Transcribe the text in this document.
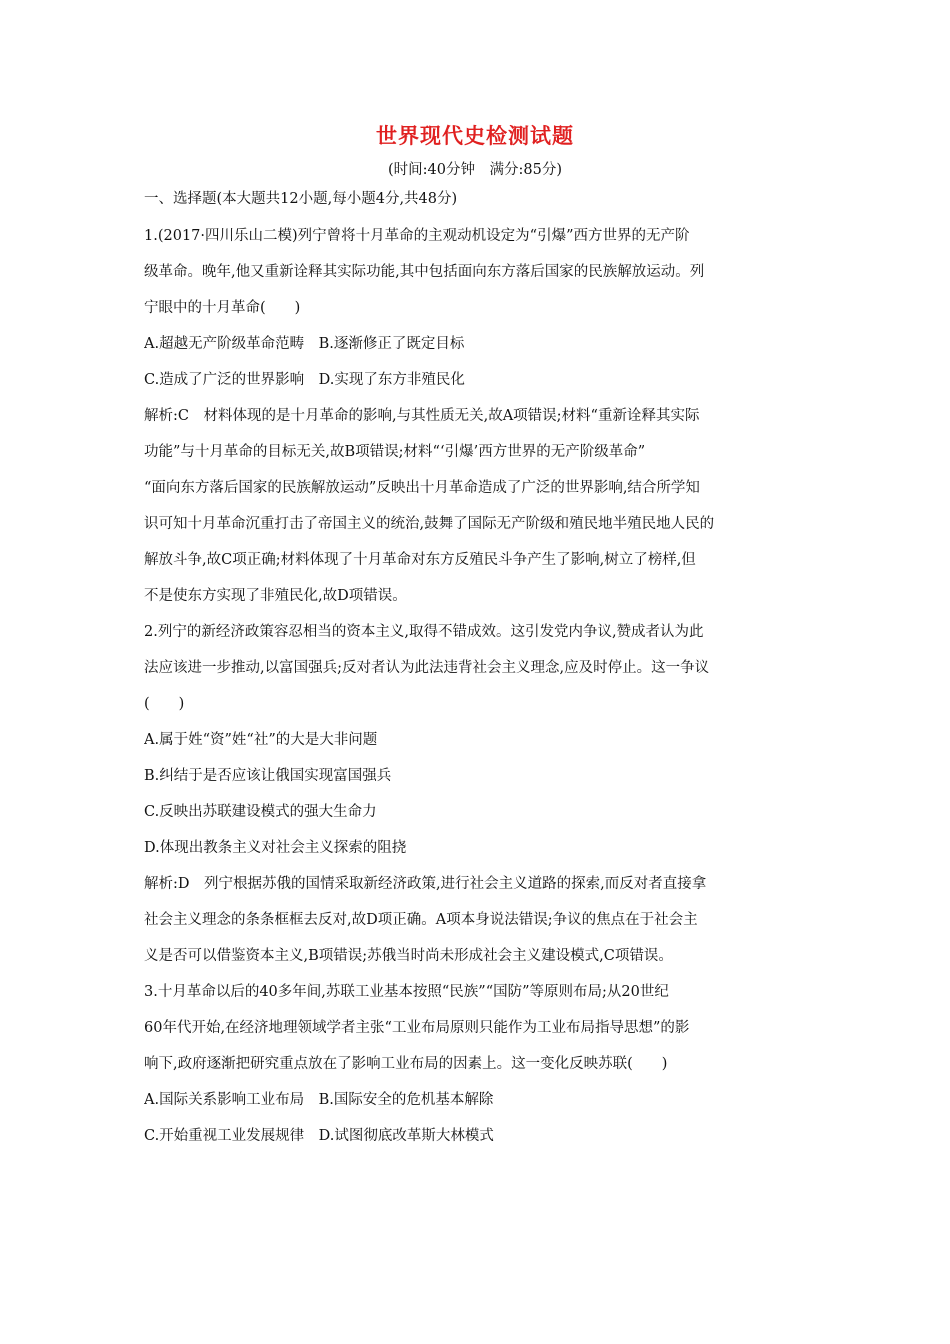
世界现代史检测试题
(时间:40分钟　满分:85分)
一、选择题(本大题共12小题,每小题4分,共48分)
1.(2017·四川乐山二模)列宁曾将十月革命的主观动机设定为“引爆”西方世界的无产阶
级革命。晚年,他又重新诠释其实际功能,其中包括面向东方落后国家的民族解放运动。列
宁眼中的十月革命(　　)
A.超越无产阶级革命范畴　B.逐渐修正了既定目标
C.造成了广泛的世界影响　D.实现了东方非殖民化
解析:C　材料体现的是十月革命的影响,与其性质无关,故A项错误;材料“重新诠释其实际
功能”与十月革命的目标无关,故B项错误;材料“‘引爆’西方世界的无产阶级革命”
“面向东方落后国家的民族解放运动”反映出十月革命造成了广泛的世界影响,结合所学知
识可知十月革命沉重打击了帝国主义的统治,鼓舞了国际无产阶级和殖民地半殖民地人民的
解放斗争,故C项正确;材料体现了十月革命对东方反殖民斗争产生了影响,树立了榜样,但
不是使东方实现了非殖民化,故D项错误。
2.列宁的新经济政策容忍相当的资本主义,取得不错成效。这引发党内争议,赞成者认为此
法应该进一步推动,以富国强兵;反对者认为此法违背社会主义理念,应及时停止。这一争议
(　　)
A.属于姓“资”姓“社”的大是大非问题
B.纠结于是否应该让俄国实现富国强兵
C.反映出苏联建设模式的强大生命力
D.体现出教条主义对社会主义探索的阻挠
解析:D　列宁根据苏俄的国情采取新经济政策,进行社会主义道路的探索,而反对者直接拿
社会主义理念的条条框框去反对,故D项正确。A项本身说法错误;争议的焦点在于社会主
义是否可以借鉴资本主义,B项错误;苏俄当时尚未形成社会主义建设模式,C项错误。
3.十月革命以后的40多年间,苏联工业基本按照“民族”“国防”等原则布局;从20世纪
60年代开始,在经济地理领域学者主张“工业布局原则只能作为工业布局指导思想”的影
响下,政府逐渐把研究重点放在了影响工业布局的因素上。这一变化反映苏联(　　)
A.国际关系影响工业布局　B.国际安全的危机基本解除
C.开始重视工业发展规律　D.试图彻底改革斯大林模式
